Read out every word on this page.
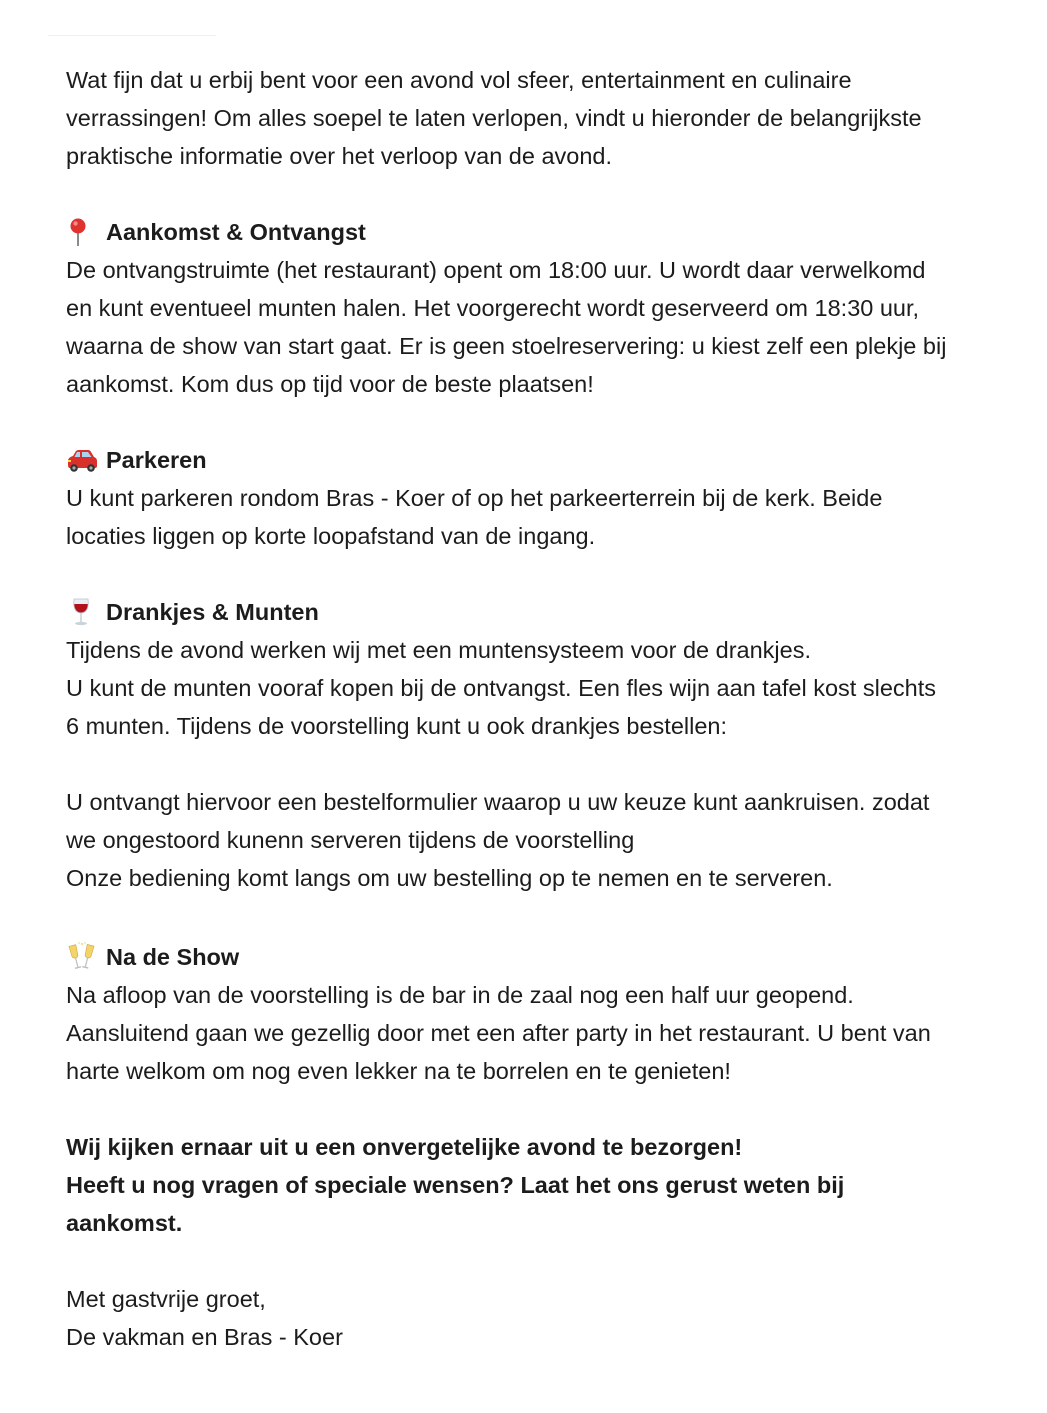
Wat fijn dat u erbij bent voor een avond vol sfeer, entertainment en culinaire
verrassingen! Om alles soepel te laten verlopen, vindt u hieronder de belangrijkste
praktische informatie over het verloop van de avond.
Aankomst & Ontvangst
De ontvangstruimte (het restaurant) opent om 18:00 uur. U wordt daar verwelkomd
en kunt eventueel munten halen. Het voorgerecht wordt geserveerd om 18:30 uur,
waarna de show van start gaat. Er is geen stoelreservering: u kiest zelf een plekje bij
aankomst. Kom dus op tijd voor de beste plaatsen!
Parkeren
U kunt parkeren rondom Bras - Koer of op het parkeerterrein bij de kerk. Beide
locaties liggen op korte loopafstand van de ingang.
Drankjes & Munten
Tijdens de avond werken wij met een muntensysteem voor de drankjes.
U kunt de munten vooraf kopen bij de ontvangst. Een fles wijn aan tafel kost slechts
6 munten. Tijdens de voorstelling kunt u ook drankjes bestellen:
U ontvangt hiervoor een bestelformulier waarop u uw keuze kunt aankruisen. zodat
we ongestoord kunenn serveren tijdens de voorstelling
Onze bediening komt langs om uw bestelling op te nemen en te serveren.
Na de Show
Na afloop van de voorstelling is de bar in de zaal nog een half uur geopend.
Aansluitend gaan we gezellig door met een after party in het restaurant. U bent van
harte welkom om nog even lekker na te borrelen en te genieten!
Wij kijken ernaar uit u een onvergetelijke avond te bezorgen!
Heeft u nog vragen of speciale wensen? Laat het ons gerust weten bij
aankomst.
Met gastvrije groet,
De vakman en Bras - Koer
